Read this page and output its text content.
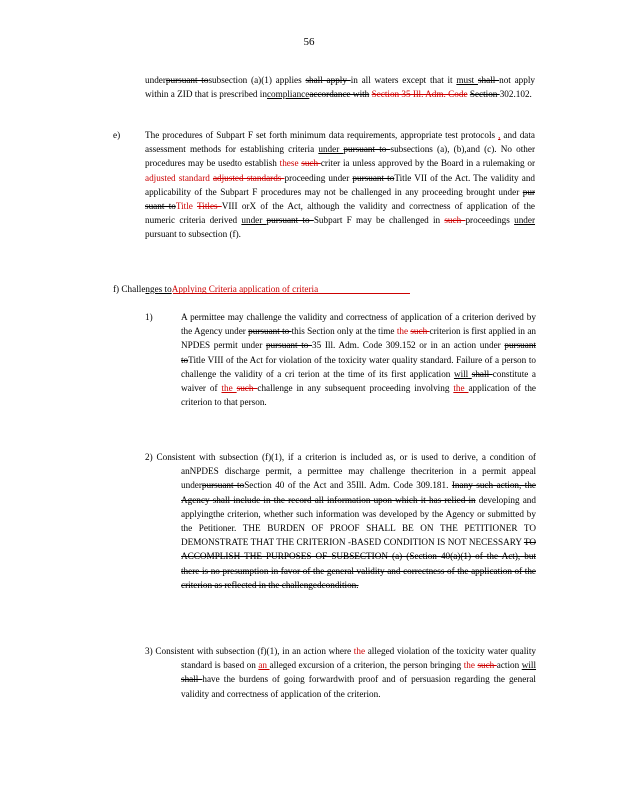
56
underpursuant tosubsection (a)(1) applies shall apply in all waters except that it must shall not apply within a ZID that is prescribed incomplianceaccordance with Section 35 Ill. Adm. Code Section 302.102.
e)	The procedures of Subpart F set forth minimum data requirements, appropriate test protocols , and data assessment methods for establishing criteria under pursuant to subsections (a), (b),and (c). No other procedures may be usedto establish these such criter ia unless approved by the Board in a rulemaking or adjusted standard adjusted standards proceeding under pursuant toTitle VII of the Act. The validity and applicability of the Subpart F procedures may not be challenged in any proceeding brought under pur suant toTitle Titles VIII orX of the Act, although the validity and correctness of application of the numeric criteria derived under pursuant to Subpart F may be challenged in such proceedings under pursuant to subsection (f).
f) Challenges toApplying Criteria application of criteria
1)	A permittee may challenge the validity and correctness of application of a criterion derived by the Agency under pursuant to this Section only at the time the such criterion is first applied in an NPDES permit under pursuant to 35 Ill. Adm. Code 309.152 or in an action under pursuant toTitle VIII of the Act for violation of the toxicity water quality standard. Failure of a person to challenge the validity of a cri terion at the time of its first application will shall constitute a waiver of the such challenge in any subsequent proceeding involving the application of the criterion to that person.
2) Consistent with subsection (f)(1), if a criterion is included as, or is used to derive, a condition of anNPDES discharge permit, a permittee may challenge thecriterion in a permit appeal underpursuant toSection 40 of the Act and 35Ill. Adm. Code 309.181. Inany such action, the Agency shall include in the record all information upon which it has relied in developing and applyingthe criterion, whether such information was developed by the Agency or submitted by the Petitioner. THE BURDEN OF PROOF SHALL BE ON THE PETITIONER TO DEMONSTRATE THAT THE CRITERION -BASED CONDITION IS NOT NECESSARY TO ACCOMPLISH THE PURPOSES OF SUBSECTION (a) (Section 40(a)(1) of the Act), but there is no presumption in favor of the general validity and correctness of the application of the criterion as reflected in the challengedcondition.
3) Consistent with subsection (f)(1), in an action where the alleged violation of the toxicity water quality standard is based on an alleged excursion of a criterion, the person bringing the such action will shall have the burdens of going forwardwith proof and of persuasion regarding the general validity and correctness of application of the criterion.
